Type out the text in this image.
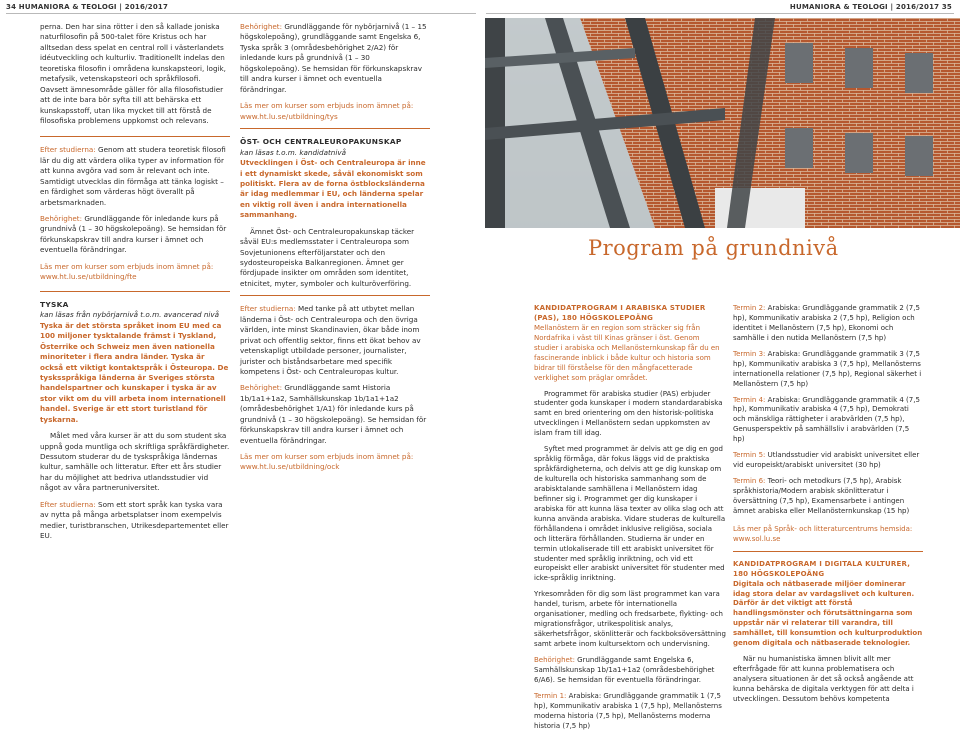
34 HUMANIORA & TEOLOGI | 2016/2017	HUMANIORA & TEOLOGI | 2016/2017 35

perna. Den har sina rötter i den så kallade joniska naturfilosofin på 500-talet före Kristus och har alltsedan dess spelat en central roll i västerlandets idéutveckling och kulturliv. Traditionellt indelas den teoretiska filosofin i områdena kunskapsteori, logik, metafysik, vetenskapsteori och språkfilosofi. Oavsett ämnesområde gäller för alla filosofistudier att de inte bara bör syfta till att behärska ett kunskapsstoff, utan lika mycket till att förstå de filosofiska problemens uppkomst och relevans.

Efter studierna: Genom att studera teoretisk filosofi lär du dig att värdera olika typer av information för att kunna avgöra vad som är relevant och inte. Samtidigt utvecklas din förmåga att tänka logiskt – en färdighet som värderas högt överallt på arbetsmarknaden.

Behörighet: Grundläggande för inledande kurs på grundnivå (1 – 30 högskolepoäng). Se hemsidan för förkunskapskrav till andra kurser i ämnet och eventuella förändringar.

Läs mer om kurser som erbjuds inom ämnet på:
www.ht.lu.se/utbildning/fte

TYSKA
kan läsas från nybörjarnivå t.o.m. avancerad nivå

Tyska är det största språket inom EU med ca 100 miljoner tysktalande främst i Tyskland, Österrike och Schweiz men även nationella minoriteter i flera andra länder. Tyska är också ett viktigt kontaktspråk i Östeuropa. De tysksspråkiga länderna är Sveriges största handelspartner och kunskaper i tyska är av stor vikt om du vill arbeta inom internationell handel. Sverige är ett stort turistland för tyskarna.

Målet med våra kurser är att du som student ska uppnå goda muntliga och skriftliga språkfärdigheter. Dessutom studerar du de tyskspråkiga ländernas kultur, samhälle och litteratur. Efter ett års studier har du möjlighet att bedriva utlandsstudier vid något av våra partneruniversitet.

Efter studierna: Som ett stort språk kan tyska vara av nytta på många arbetsplatser inom exempelvis medier, turistbranschen, Utrikesdepartementet eller EU.

Behörighet: Grundläggande för nybörjarnivå (1 – 15 högskolepoäng), grundläggande samt Engelska 6, Tyska språk 3 (områdesbehörighet 2/A2) för inledande kurs på grundnivå (1 – 30 högskolepoäng). Se hemsidan för förkunskapskrav till andra kurser i ämnet och eventuella förändringar.

Läs mer om kurser som erbjuds inom ämnet på:
www.ht.lu.se/utbildning/tys

ÖST- OCH CENTRALEUROPAKUNSKAP
kan läsas t.o.m. kandidatnivå

Utvecklingen i Öst- och Centraleuropa är inne i ett dynamiskt skede, såväl ekonomiskt som politiskt. Flera av de forna östblocksländerna är idag medlemmar i EU, och länderna spelar en viktig roll även i andra internationella sammanhang.

Ämnet Öst- och Centraleuropakunskap täcker såväl EU:s medlemsstater i Centraleuropa som Sovjetunionens efterföljarstater och den sydosteuropeiska Balkanregionen. Ämnet ger fördjupade insikter om områden som identitet, etnicitet, myter, symboler och kulturöverföring.

Efter studierna: Med tanke på att utbytet mellan länderna i Öst- och Centraleuropa och den övriga världen, inte minst Skandinavien, ökar både inom privat och offentlig sektor, finns ett ökat behov av vetenskapligt utbildade personer, journalister, jurister och biståndsarbetare med specifik kompetens i Öst- och Centraleuropas kultur.

Behörighet: Grundläggande samt Historia 1b/1a1+1a2, Samhällskunskap 1b/1a1+1a2 (områdesbehörighet 1/A1) för inledande kurs på grundnivå (1 – 30 högskolepoäng). Se hemsidan för förkunskapskrav till andra kurser i ämnet och eventuella förändringar.

Läs mer om kurser som erbjuds inom ämnet på:
www.ht.lu.se/utbildning/ock

Program på grundnivå
KANDIDATPROGRAM I ARABISKA STUDIER (PAS), 180 HÖGSKOLEPOÄNG

Mellanöstern är en region som sträcker sig från Nordafrika i väst till Kinas gränser i öst. Genom studier i arabiska och Mellanösternkunskap får du en fascinerande inblick i både kultur och historia som bidrar till förståelse för den mångfacetterade verklighet som präglar området.

Programmet för arabiska studier (PAS) erbjuder studenter goda kunskaper i modern standardarabiska samt en bred orientering om den historisk-politiska utvecklingen i Mellanöstern sedan uppkomsten av islam fram till idag.

Syftet med programmet är delvis att ge dig en god språklig förmåga, där fokus läggs vid de praktiska språkfärdigheterna, och delvis att ge dig kunskap om de kulturella och historiska sammanhang som de arabisktalande samhällena i Mellanöstern idag befinner sig i. Programmet ger dig kunskaper i arabiska för att kunna läsa texter av olika slag och att kunna använda arabiska. Vidare studeras de kulturella förhållandena i området inklusive religiösa, sociala och litterära förhållanden. Studierna är under en termin utlokaliserade till ett arabiskt universitet för studenter med språklig inriktning, och vid ett europeiskt eller arabiskt universitet för studenter med icke-språklig inriktning.

Yrkesområden för dig som läst programmet kan vara handel, turism, arbete för internationella organisationer, medling och fredsarbete, flykting- och migrationsfrågor, utrikespolitisk analys, säkerhetsfrågor, skönlitterär och fackboksöversättning samt arbete inom kultursektorn och undervisning.

Behörighet: Grundläggande samt Engelska 6, Samhällskunskap 1b/1a1+1a2 (områdesbehörighet 6/A6). Se hemsidan för eventuella förändringar.

Termin 1: Arabiska: Grundläggande grammatik 1 (7,5 hp), Kommunikativ arabiska 1 (7,5 hp), Mellanösterns moderna historia (7,5 hp), Mellanösterns moderna historia (7,5 hp)

Termin 2: Arabiska: Grundläggande grammatik 2 (7,5 hp), Kommunikativ arabiska 2 (7,5 hp), Religion och identitet i Mellanöstern (7,5 hp), Ekonomi och samhälle i den nutida Mellanöstern (7,5 hp)

Termin 3: Arabiska: Grundläggande grammatik 3 (7,5 hp), Kommunikativ arabiska 3 (7,5 hp), Mellanösterns internationella relationer (7,5 hp), Regional säkerhet i Mellanöstern (7,5 hp)

Termin 4: Arabiska: Grundläggande grammatik 4 (7,5 hp), Kommunikativ arabiska 4 (7,5 hp), Demokrati och mänskliga rättigheter i arabvärlden (7,5 hp), Genusperspektiv på samhällsliv i arabvärlden (7,5 hp)

Termin 5: Utlandsstudier vid arabiskt universitet eller vid europeiskt/arabiskt universitet (30 hp)

Termin 6: Teori- och metodkurs (7,5 hp), Arabisk språkhistoria/Modern arabisk skönlitteratur i översättning (7,5 hp), Examensarbete i antingen ämnet arabiska eller Mellanösternkunskap (15 hp)

Läs mer på Språk- och litteraturcentrums hemsida:
www.sol.lu.se

KANDIDATPROGRAM I DIGITALA KULTURER, 180 HÖGSKOLEPOÄNG

Digitala och nätbaserade miljöer dominerar idag stora delar av vardagslivet och kulturen. Därför är det viktigt att förstå handlingsmönster och förutsättningarna som uppstår när vi relaterar till varandra, till samhället, till konsumtion och kulturproduktion genom digitala och nätbaserade teknologier.

När nu humanistiska ämnen blivit allt mer efterfrågade för att kunna problematisera och analysera situationen är det så också angående att kunna behärska de digitala verktygen för att delta i utvecklingen. Dessutom behövs kompetenta
